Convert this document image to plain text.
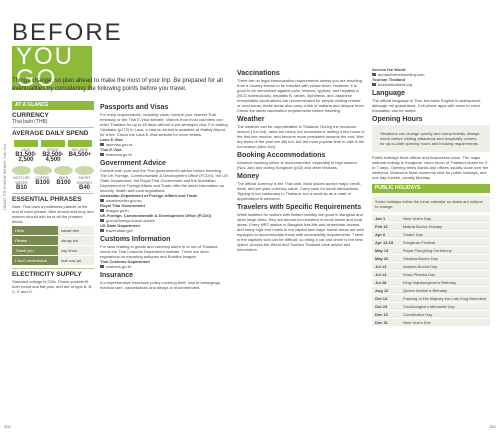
HEAD TO KNOW Before You Go
BEFORE
YOU GO
Things change, so plan ahead to make the most of your trip. Be prepared for all eventualities by considering the following points before you travel.
AT A GLANCE
CURRENCY
Thai baht (THB)
AVERAGE DAILY SPEND
SAVE
B1,500-2,500
SPEND
B2,500-4,500
SPLURGE
B4,500+
BOTTLED WATER
B10
COFFEE
B100
BEER
B100
SHORT JOURNEY
B40
ESSENTIAL PHRASES
Note: Thai uses a politeness particle at the end of each phrase. Men should add krup and women should add ka to all the phrases below.
Hello	sawat dee
Please	chuay noi
Thank you	cop khun
I don't understand	mai cow jai
ELECTRICITY SUPPLY
Standard voltage is 220v. Power sockets fit both round and flat pins, and are of type A, B, C, E and O.
Passports and Visas
For entry requirements, including visas, consult your nearest Thai embassy or the Thai E-Visa website. Visitors from most countries can enter Thailand for up to 45 days without a pre-arranged visa. For visiting Vientiane (p272) in Laos, a visa on Arrival is available at Wattay Airport for a fee. Check the Laos E-Visa website for more details.
Laos E-Visa
laoevisa.gov.la
Thai E-Visa
thaievisa.go.th
Government Advice
Consult both your and the Thai government's advice before traveling. The UK Foreign, Commonwealth & Development Office (FCDO), the US State Department, the Royal Thai Government and the Australian Department of Foreign Affairs and Trade offer the latest information on security, health and local regulations.
Australian Department of Foreign Affairs and Trade
smartraveller.gov.au
Royal Thai Government
thaigov.go.th
UK Foreign, Commonwealth & Development Office (FCDO)
gov.uk/foreign-travel-advice
US State Department
travel.state.gov
Customs Information
For laws relating to goods and currency taken in or out of Thailand, check the Thai Customs Department website. There are strict regulations on exporting antiques and Buddha images.
Thai Customs Department
customs.go.th
Insurance
A comprehensive insurance policy covering theft, loss of belongings, medical care, cancellations and delays is recommended.
Vaccinations
There are no legal immunization requirements unless you are traveling from a country known to be infected with yellow fever. However, it is good to be immunized against polio, tetanus, typhoid, and hepatitis A (BCG tuberculosis), hepatitis B, rabies, diphtheria, and Japanese encephalitis vaccinations are recommended for people visiting remote or rural areas; these areas also carry a risk of malaria and dengue fever. Check the latest vaccination requirements before traveling.
Weather
The weather can be unpredictable in Thailand. During the monsoon season (Jul-Oct), rains are heavy but inconsistent, lasting a few hours in the first few months, and become more persistent towards the end. Wet, dry times of the year are still hot, but the most popular time to visit is the hot season (Mar-Jun).
Booking Accommodations
Advance booking online is recommended, especially in high season (Nov-Jan) and during Songkran (p42) and other festivals.
Money
The official currency is the Thai baht. Most places accept major credit, debit, and pre-paid currency cards. Carry cash for small transactions. Tipping is not customary in Thailand, but a small tip as a mark of appreciation is welcome.
Travelers with Specific Requirements
While facilities for visitors with limited mobility are good in Bangkok and other large cities, they are almost non-existent in small towns and rural areas. Every MRT station in Bangkok has lifts and wheelchair access, and many high-end hotels in the capital and major tourist areas are well equipped to accommodate those with accessibility requirements. Travel in the capital's sois can be difficult, so hiring a car and driver is the best option. Access the World and Tourism Thailand have advice and information.
Access the World
abroadforthetraveling.com
Tourism Thailand
tourismthailand.org
Language
The official language is Thai, but basic English is widespread, although not guaranteed. Cell phone apps with voice to voice translation can be useful.
Opening Hours
Situations can change quickly and unexpectedly. Always check before visiting attractions and hospitality venues for up-to-date opening hours and booking requirements.
Public holidays Most offices and businesses close. The major national holiday is Songkran, when much of Thailand closes for 3 to 7 days. Opening times Banks and offices usually close over the weekend. Museums Most museums shut for public holidays, and one day a week, usually Monday.
PUBLIC HOLIDAYS
Some holidays follow the lunar calendar so dates are subject to change.
Jan 1	New Year's Day
Feb 16	Makha Bucha Holiday
Apr 6	Chakri Day
Apr 13-15	Songkran Festival
May 13	Royal Ploughing Ceremony
May 22	Visakha Bucha Day
Jul 13	Asanha Bucha Day
Jul 14	Khao Phansa Day
Jul 28	King Vajiralongkorn's Birthday
Aug 12	Queen Mother's Birthday
Oct 13	Passing of His Majesty the Late King Bhumibol
Oct 23	Chulalongkorn Memorial Day
Dec 10	Constitution Day
Dec 31	New Year's Eve
300	301
